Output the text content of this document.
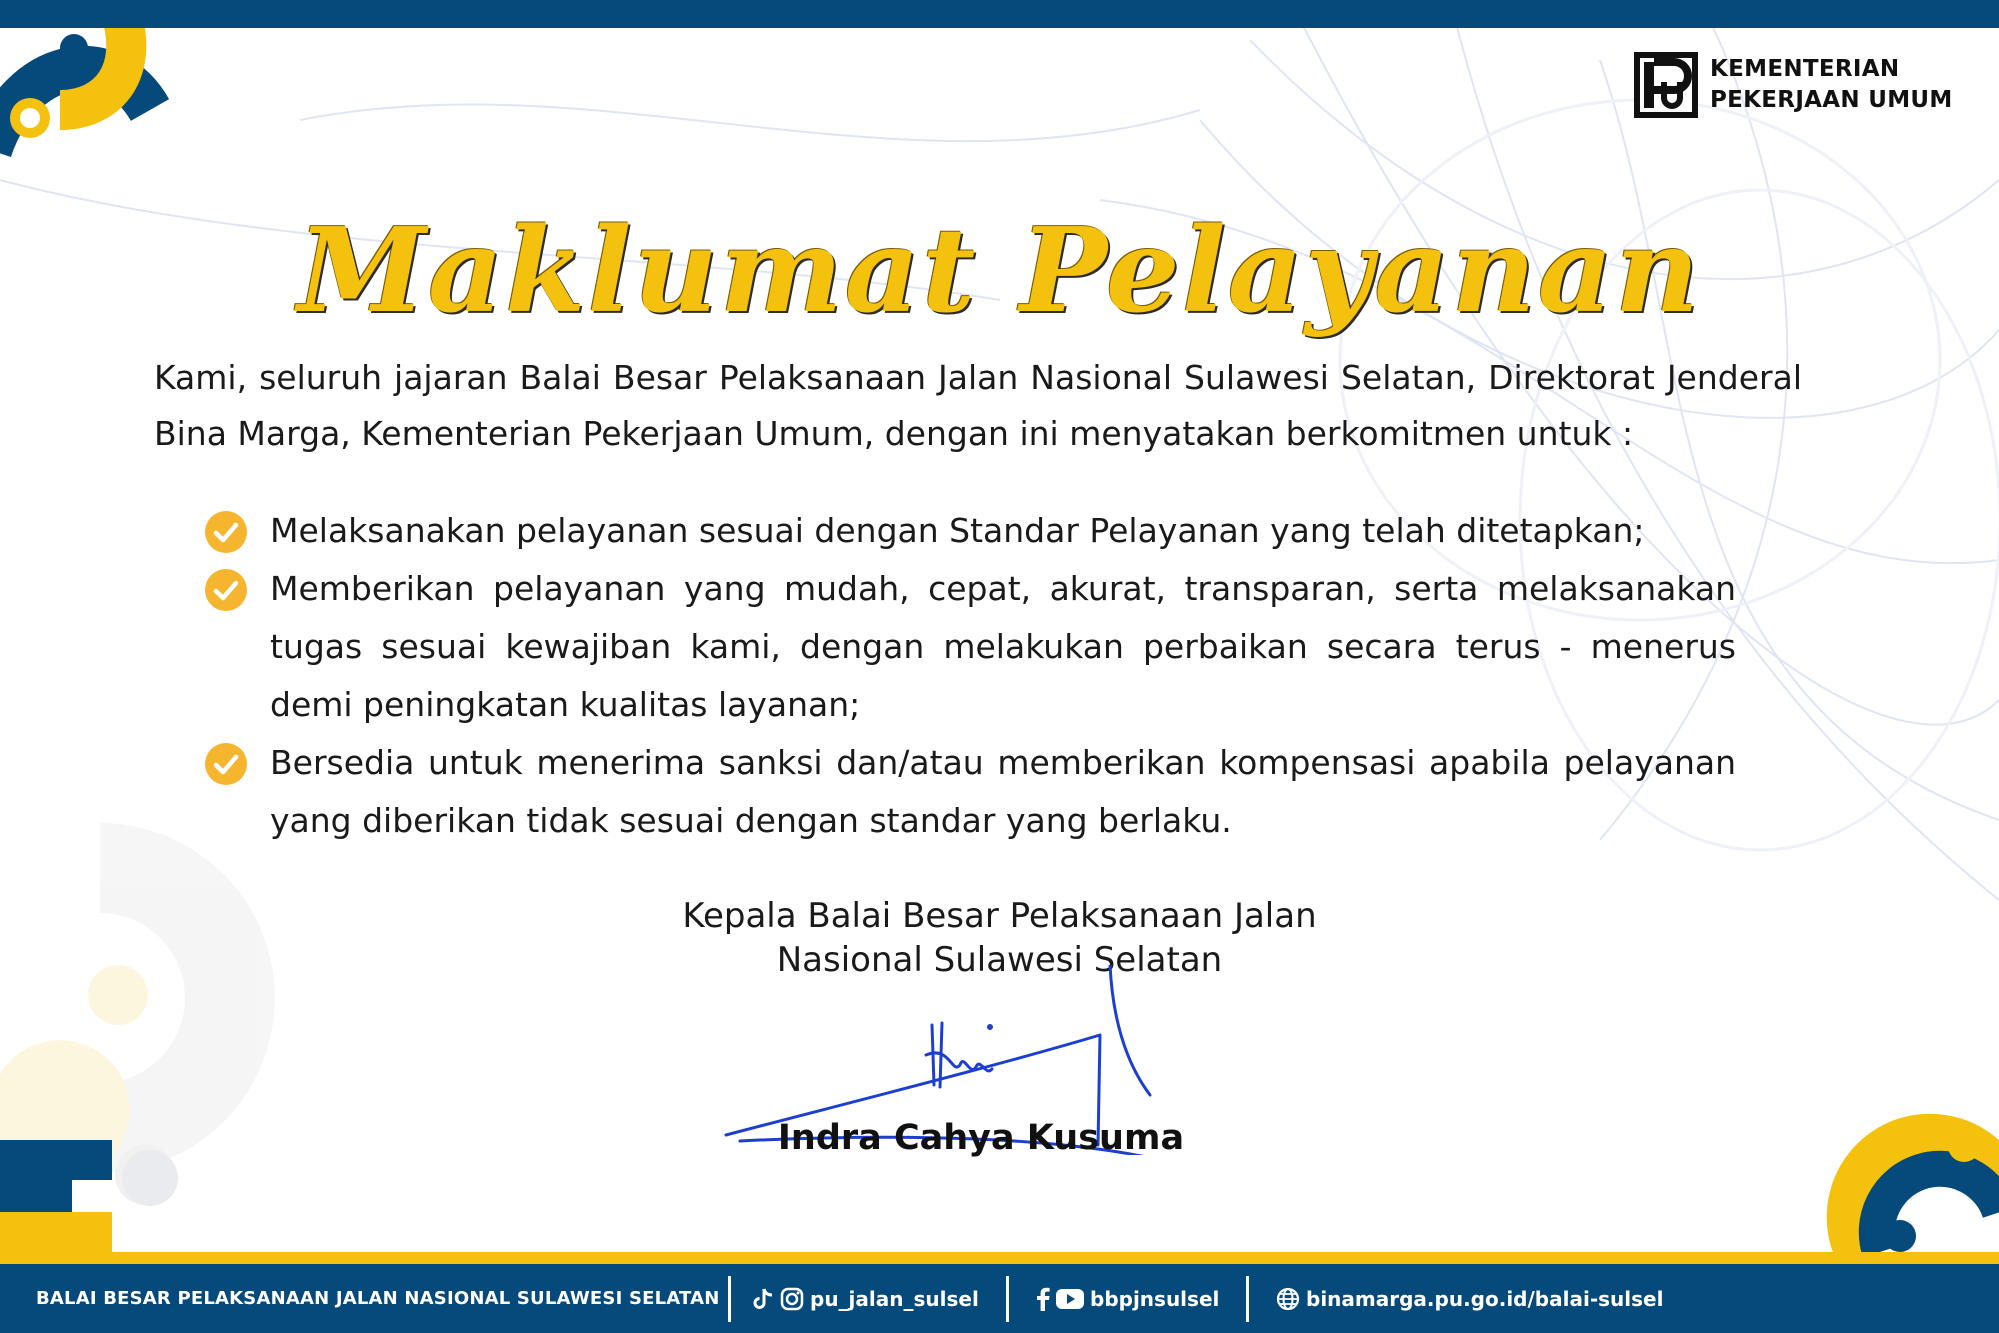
KEMENTERIAN
PEKERJAAN UMUM
Maklumat Pelayanan

Kami, seluruh jajaran Balai Besar Pelaksanaan Jalan Nasional Sulawesi Selatan, Direktorat Jenderal Bina Marga, Kementerian Pekerjaan Umum, dengan ini menyatakan berkomitmen untuk :

Melaksanakan pelayanan sesuai dengan Standar Pelayanan yang telah ditetapkan;
Memberikan pelayanan yang mudah, cepat, akurat, transparan, serta melaksanakan tugas sesuai kewajiban kami, dengan melakukan perbaikan secara terus - menerus demi peningkatan kualitas layanan;
Bersedia untuk menerima sanksi dan/atau memberikan kompensasi apabila pelayanan yang diberikan tidak sesuai dengan standar yang berlaku.
Kepala Balai Besar Pelaksanaan Jalan
Nasional Sulawesi Selatan
Indra Cahya Kusuma
BALAI BESAR PELAKSANAAN JALAN NASIONAL SULAWESI SELATAN	pu_jalan_sulsel	bbpjnsulsel	binamarga.pu.go.id/balai-sulsel
